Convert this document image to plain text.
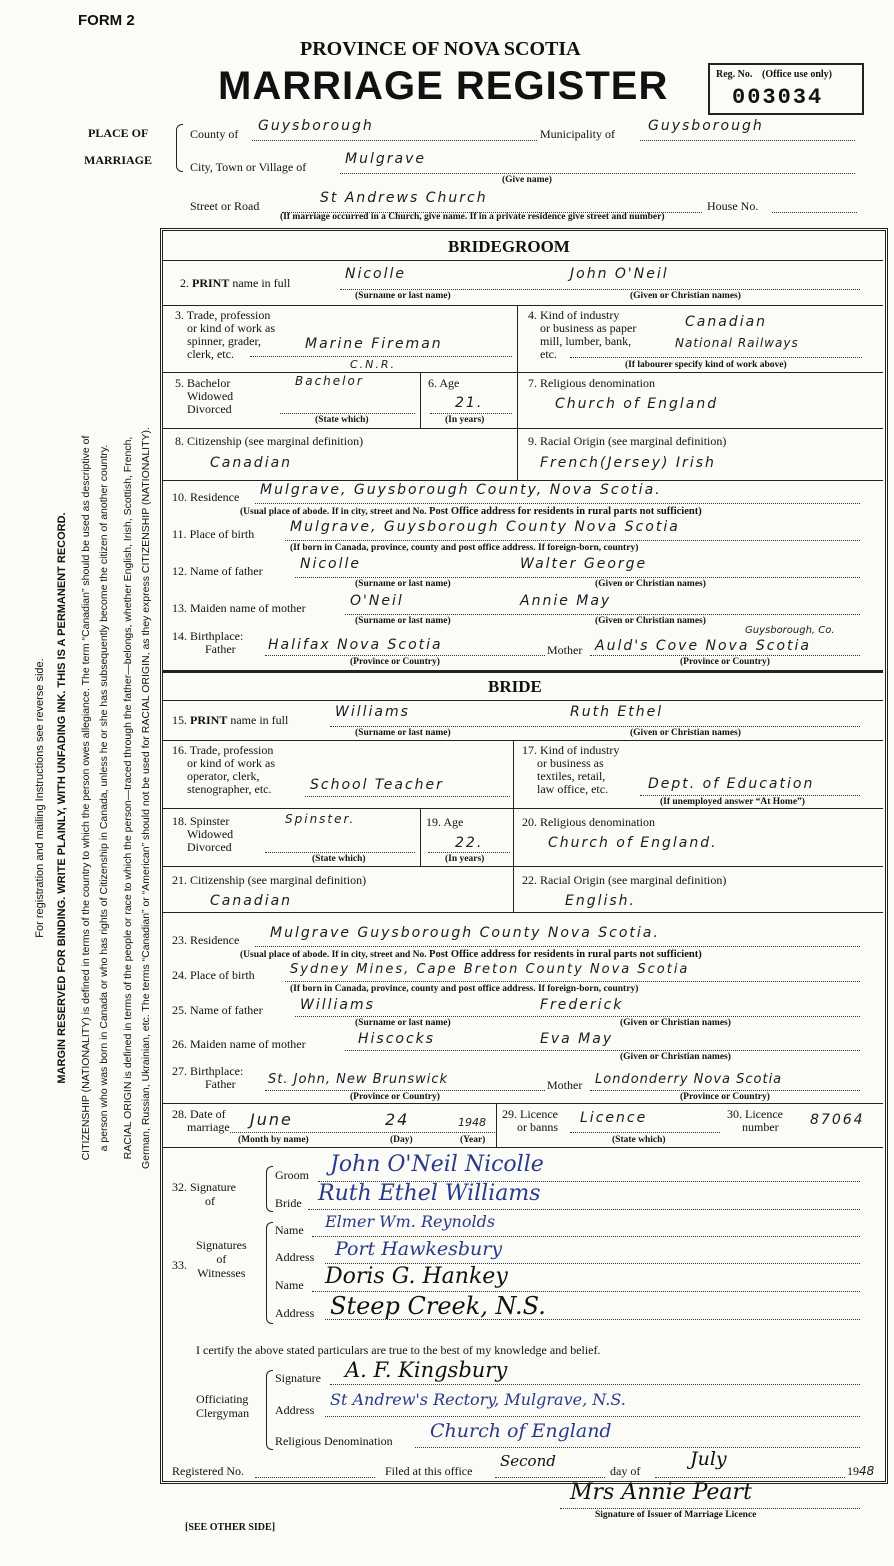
FORM 2
PROVINCE OF NOVA SCOTIA
MARRIAGE REGISTER	Reg. No. (Office use only)
003034
PLACE OF
MARRIAGE
County of Guysborough	Municipality of Guysborough
City, Town or Village of	Mulgrave
(Give name)
Street or Road	St Andrews Church	House No.
(If marriage occurred in a Church, give name. If in a private residence give street and number)
For registration and mailing Instructions see reverse side. MARGIN RESERVED FOR BINDING. WRITE PLAINLY, WITH UNFADING INK. THIS IS A PERMANENT RECORD. CITIZENSHIP (NATIONALITY) is defined in terms of the country to which the person owes allegiance. The term “Canadian” should be used as descriptive of a person who was born in Canada or who has rights of Citizenship in Canada, unless he or she has subsequently become the citizen of another country. RACIAL ORIGIN is defined in terms of the people or race to which the person—traced through the father—belongs, whether English, Irish, Scottish, French, German, Russian, Ukrainian, etc. The terms “Canadian” or “American” should not be used for RACIAL ORIGIN, as they express CITIZENSHIP (NATIONALITY).
BRIDEGROOM
2. PRINT name in full
Nicolle	John O'Neil
(Surname or last name)	(Given or Christian names)
3. Trade, profession
or kind of work as
spinner, grader,
clerk, etc.
Marine Fireman
C.N.R.
4. Kind of industry
or business as paper
mill, lumber, bank,
etc.
Canadian
National Railways
(If labourer specify kind of work above)
5. Bachelor
Widowed
Divorced
Bachelor
(State which)
6. Age
21.
(In years)
7. Religious denomination
Church of England
8. Citizenship (see marginal definition)
Canadian
9. Racial Origin (see marginal definition)
French(Jersey) Irish
10. Residence Mulgrave, Guysborough County, Nova Scotia.
(Usual place of abode. If in city, street and No. Post Office address for residents in rural parts not sufficient)
11. Place of birth	Mulgrave, Guysborough County Nova Scotia
(If born in Canada, province, county and post office address. If foreign-born, country)
12. Name of father	Nicolle	Walter George
(Surname or last name)	(Given or Christian names)
13. Maiden name of mother	O'Neil	Annie May
(Surname or last name)	(Given or Christian names)
14. Birthplace:
Father	Halifax Nova Scotia	Mother Auld's Cove Nova Scotia
Guysborough, Co.
(Province or Country)	(Province or Country)
BRIDE
15. PRINT name in full	Williams	Ruth Ethel
(Surname or last name)	(Given or Christian names)
16. Trade, profession
or kind of work as
operator, clerk,
stenographer, etc.	School Teacher
17. Kind of industry
or business as
textiles, retail,
law office, etc.	Dept. of Education
(If unemployed answer “At Home”)
18. Spinster
Widowed
Divorced
Spinster.
(State which)
19. Age
22.
(In years)
20. Religious denomination
Church of England.
21. Citizenship (see marginal definition)
Canadian
22. Racial Origin (see marginal definition)
English.
23. Residence Mulgrave Guysborough County Nova Scotia.
(Usual place of abode. If in city, street and No. Post Office address for residents in rural parts not sufficient)
24. Place of birth	Sydney Mines, Cape Breton County Nova Scotia
(If born in Canada, province, county and post office address. If foreign-born, country)
25. Name of father	Williams	Frederick
(Surname or last name)	(Given or Christian names)
26. Maiden name of mother	Hiscocks	Eva May
(Given or Christian names)
27. Birthplace:
Father	St. John, New Brunswick	Mother Londonderry Nova Scotia
(Province or Country)	(Province or Country)
28. Date of
marriage June	24	1948
(Month by name)	(Day)	(Year)
29. Licence
or banns
Licence
(State which)
30. Licence
number	87064
32. Signature
of
Groom John O'Neil Nicolle
Bride Ruth Ethel Williams
33.
Signatures
of
Witnesses
Name Elmer Wm. Reynolds
Address Port Hawkesbury
Name Doris G. Hankey
Address Steep Creek, N.S.
I certify the above stated particulars are true to the best of my knowledge and belief.
Officiating
Clergyman
Signature A. F. Kingsbury
Address
St Andrew's Rectory, Mulgrave, N.S.
Religious Denomination Church of England
Registered No.	Filed at this office
Second
day of
July
1948
Mrs Annie Peart
Signature of Issuer of Marriage Licence
[SEE OTHER SIDE]
